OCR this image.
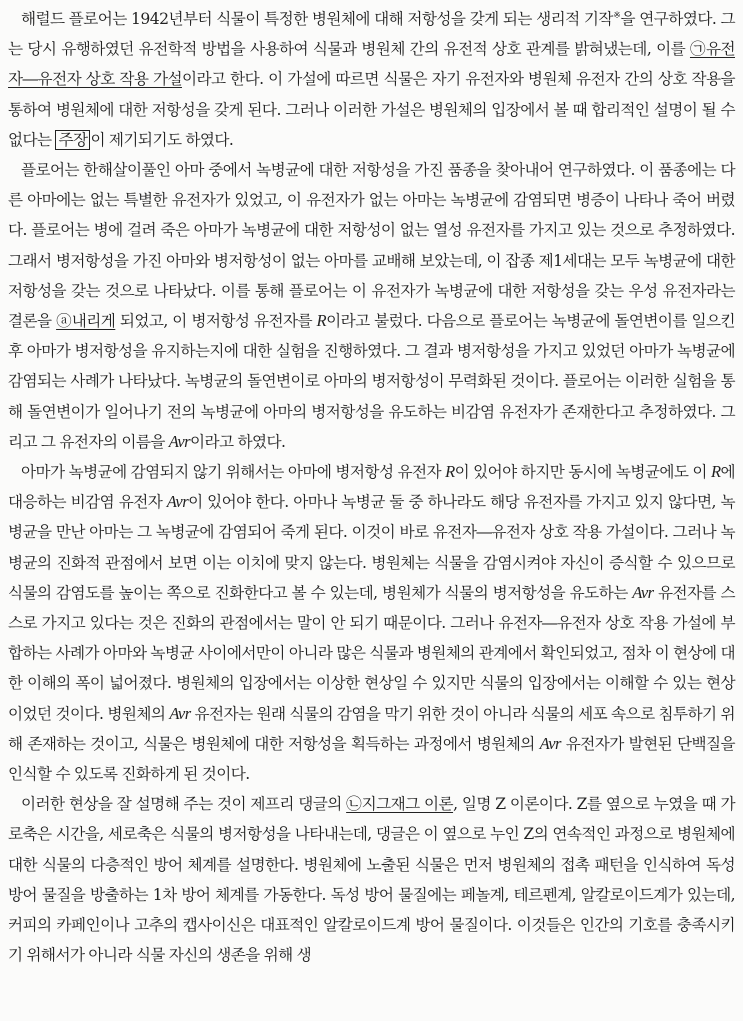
해럴드 플로어는 1942년부터 식물이 특정한 병원체에 대해 저항성을 갖게 되는 생리적 기작※을 연구하였다. 그는 당시 유행하였던 유전학적 방법을 사용하여 식물과 병원체 간의 유전적 상호 관계를 밝혀냈는데, 이를 ㉠유전자―유전자 상호 작용 가설이라고 한다. 이 가설에 따르면 식물은 자기 유전자와 병원체 유전자 간의 상호 작용을 통하여 병원체에 대한 저항성을 갖게 된다. 그러나 이러한 가설은 병원체의 입장에서 볼 때 합리적인 설명이 될 수 없다는 주장 이 제기되기도 하였다.

플로어는 한해살이풀인 아마 중에서 녹병균에 대한 저항성을 가진 품종을 찾아내어 연구하였다. 이 품종에는 다른 아마에는 없는 특별한 유전자가 있었고, 이 유전자가 없는 아마는 녹병균에 감염되면 병증이 나타나 죽어 버렸다. 플로어는 병에 걸려 죽은 아마가 녹병균에 대한 저항성이 없는 열성 유전자를 가지고 있는 것으로 추정하였다. 그래서 병저항성을 가진 아마와 병저항성이 없는 아마를 교배해 보았는데, 이 잡종 제1세대는 모두 녹병균에 대한 저항성을 갖는 것으로 나타났다. 이를 통해 플로어는 이 유전자가 녹병균에 대한 저항성을 갖는 우성 유전자라는 결론을 ⓐ내리게 되었고, 이 병저항성 유전자를 R이라고 불렀다. 다음으로 플로어는 녹병균에 돌연변이를 일으킨 후 아마가 병저항성을 유지하는지에 대한 실험을 진행하였다. 그 결과 병저항성을 가지고 있었던 아마가 녹병균에 감염되는 사례가 나타났다. 녹병균의 돌연변이로 아마의 병저항성이 무력화된 것이다. 플로어는 이러한 실험을 통해 돌연변이가 일어나기 전의 녹병균에 아마의 병저항성을 유도하는 비감염 유전자가 존재한다고 추정하였다. 그리고 그 유전자의 이름을 Avr이라고 하였다.

아마가 녹병균에 감염되지 않기 위해서는 아마에 병저항성 유전자 R이 있어야 하지만 동시에 녹병균에도 이 R에 대응하는 비감염 유전자 Avr이 있어야 한다. 아마나 녹병균 둘 중 하나라도 해당 유전자를 가지고 있지 않다면, 녹병균을 만난 아마는 그 녹병균에 감염되어 죽게 된다. 이것이 바로 유전자―유전자 상호 작용 가설이다. 그러나 녹병균의 진화적 관점에서 보면 이는 이치에 맞지 않는다. 병원체는 식물을 감염시켜야 자신이 증식할 수 있으므로 식물의 감염도를 높이는 쪽으로 진화한다고 볼 수 있는데, 병원체가 식물의 병저항성을 유도하는 Avr 유전자를 스스로 가지고 있다는 것은 진화의 관점에서는 말이 안 되기 때문이다. 그러나 유전자―유전자 상호 작용 가설에 부합하는 사례가 아마와 녹병균 사이에서만이 아니라 많은 식물과 병원체의 관계에서 확인되었고, 점차 이 현상에 대한 이해의 폭이 넓어졌다. 병원체의 입장에서는 이상한 현상일 수 있지만 식물의 입장에서는 이해할 수 있는 현상이었던 것이다. 병원체의 Avr 유전자는 원래 식물의 감염을 막기 위한 것이 아니라 식물의 세포 속으로 침투하기 위해 존재하는 것이고, 식물은 병원체에 대한 저항성을 획득하는 과정에서 병원체의 Avr 유전자가 발현된 단백질을 인식할 수 있도록 진화하게 된 것이다.

이러한 현상을 잘 설명해 주는 것이 제프리 댕글의 ㉡지그재그 이론, 일명 Z 이론이다. Z를 옆으로 누였을 때 가로축은 시간을, 세로축은 식물의 병저항성을 나타내는데, 댕글은 이 옆으로 누인 Z의 연속적인 과정으로 병원체에 대한 식물의 다층적인 방어 체계를 설명한다. 병원체에 노출된 식물은 먼저 병원체의 접촉 패턴을 인식하여 독성 방어 물질을 방출하는 1차 방어 체계를 가동한다. 독성 방어 물질에는 페놀계, 테르펜계, 알칼로이드계가 있는데, 커피의 카페인이나 고추의 캡사이신은 대표적인 알칼로이드계 방어 물질이다. 이것들은 인간의 기호를 충족시키기 위해서가 아니라 식물 자신의 생존을 위해 생
